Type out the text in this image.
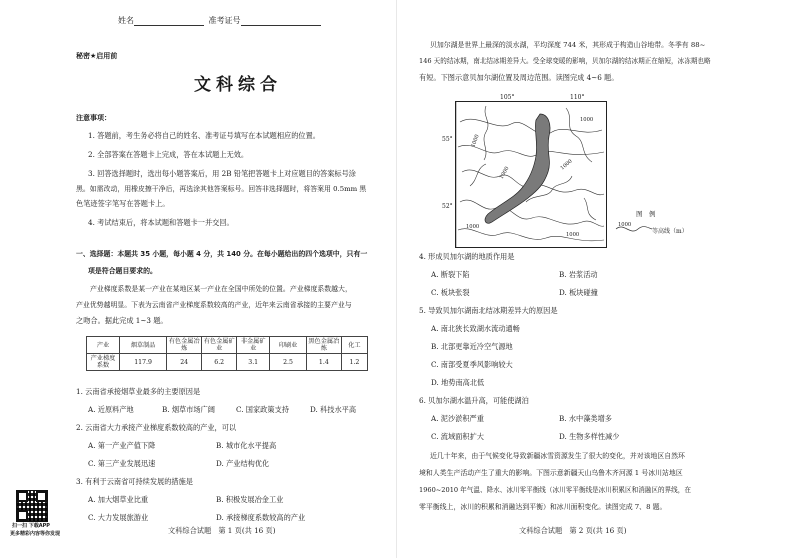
姓名	准考证号
秘密★启用前
文科综合
注意事项：
1. 答题前，考生务必将自己的姓名、准考证号填写在本试题相应的位置。
2. 全部答案在答题卡上完成，答在本试题上无效。
3. 回答选择题时，选出每小题答案后，用 2B 铅笔把答题卡上对应题目的答案标号涂
黑。如需改动，用橡皮擦干净后，再选涂其他答案标号。回答非选择题时，将答案用 0.5mm 黑
色笔迹签字笔写在答题卡上。
4. 考试结束后，将本试题和答题卡一并交回。
一、选择题：本题共 35 小题，每小题 4 分，共 140 分。在每小题给出的四个选项中，只有一
项是符合题目要求的。
产业梯度系数是某一产业在某地区某一产业在全国中所处的位置。产业梯度系数越大，
产业优势越明显。下表为云南省产业梯度系数较高的产业，近年来云南省承接的主要产业与
之吻合。据此完成 1~3 题。
产业	烟草制品	有色金属冶炼	有色金属矿业	非金属矿业	印刷业	黑色金属冶炼	化工
产业梯度系数	117.9	24	6.2	3.1	2.5	1.4	1.2
1. 云南省承接烟草业最多的主要原因是
A. 近原料产地	B. 烟草市场广阔	C. 国家政策支持	D. 科技水平高
2. 云南省大力承接产业梯度系数较高的产业，可以
A. 第一产业产值下降	B. 城市化水平提高
C. 第三产业发展迅速	D. 产业结构优化
3. 有利于云南省可持续发展的措施是
A. 加大烟草业比重	B. 积极发展冶金工业
C. 大力发展旅游业	D. 承接梯度系数较高的产业
扫一扫 下载APP
更多精彩内容等你发现	文科综合试题　第 1 页(共 16 页)
贝加尔湖是世界上最深的淡水湖，平均深度 744 米，其形成于构造山谷地带。冬季有 88~
146 天的结冰期，南北结冰期差异大。受全球变暖的影响，贝加尔湖的结冰期正在缩短，冰冻期也略
有短。下图示意贝加尔湖位置及周边范围。读图完成 4~6 题。
105°	110°
55°
52°
1000
1000
1000
1000
1000
1000
图　例
1000
等高线（m）
4. 形成贝加尔湖的地质作用是
A. 断裂下陷	B. 岩浆活动
C. 板块张裂	D. 板块碰撞
5. 导致贝加尔湖南北结冰期差异大的原因是
A. 南北狭长致湖水流动通畅
B. 北部更靠近冷空气源地
C. 南部受夏季风影响较大
D. 地势南高北低
6. 贝加尔湖水温升高，可能使湖泊
A. 泥沙淤积严重	B. 水中藻类增多
C. 流域面积扩大	D. 生物多样性减少
近几十年来，由于气候变化导致新疆冰雪资源发生了很大的变化，并对该地区自然环
境和人类生产活动产生了重大的影响。下图示意新疆天山乌鲁木齐河源 1 号冰川站地区
1960~2010 年气温、降水、冰川零平衡线（冰川零平衡线是冰川积累区和消融区的界线，在
零平衡线上，冰川的积累和消融达到平衡）和冰川面积变化。读图完成 7、8 题。
文科综合试题　第 2 页(共 16 页)
